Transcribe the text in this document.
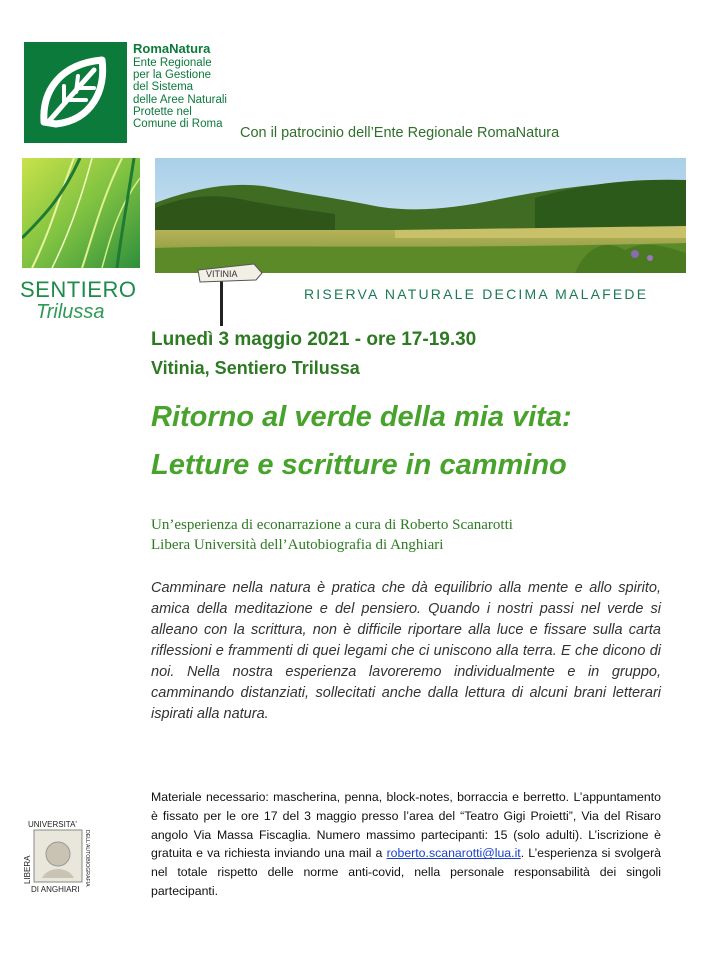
RomaNatura
Ente Regionale
per la Gestione
del Sistema
delle Aree Naturali
Protette nel
Comune di Roma
Con il patrocinio dell’Ente Regionale RomaNatura
SENTIERO
Trilussa
VITINIA
RISERVA NATURALE DECIMA MALAFEDE
Lunedì 3 maggio 2021 - ore 17-19.30
Vitinia, Sentiero Trilussa
Ritorno al verde della mia vita:
Letture e scritture in cammino
Un’esperienza di econarrazione a cura di Roberto Scanarotti
Libera Università dell’Autobiografia di Anghiari
Camminare nella natura è pratica che dà equilibrio alla mente e allo spirito, amica della meditazione e del pensiero. Quando i nostri passi nel verde si alleano con la scrittura, non è difficile riportare alla luce e fissare sulla carta riflessioni e frammenti di quei legami che ci uniscono alla terra. E che dicono di noi. Nella nostra esperienza lavoreremo individualmente e in gruppo, camminando distanziati, sollecitati anche dalla lettura di alcuni brani letterari ispirati alla natura.
Materiale necessario: mascherina, penna, block-notes, borraccia e berretto. L’appuntamento è fissato per le ore 17 del 3 maggio presso l’area del “Teatro Gigi Proietti”, Via del Risaro angolo Via Massa Fiscaglia. Numero massimo partecipanti: 15 (solo adulti). L’iscrizione è gratuita e va richiesta inviando una mail a roberto.scanarotti@lua.it. L’esperienza si svolgerà nel totale rispetto delle norme anti-covid, nella personale responsabilità dei singoli partecipanti.
UNIVERSITA'
DI ANGHIARI
LIBERA	DELL'AUTOBIOGRAFIA
